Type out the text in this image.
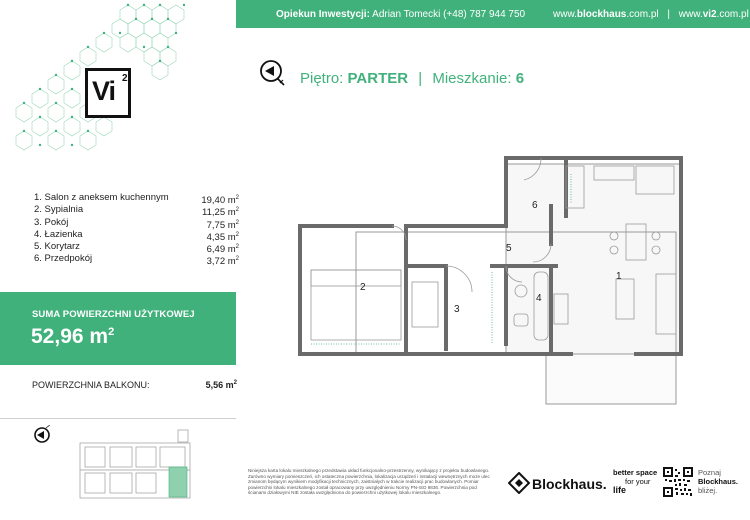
Opiekun Inwestycji: Adrian Tomecki (+48) 787 944 750	www.blockhaus.com.pl | www.vi2.com.pl
Vi 2
1. Salon z aneksem kuchennym	19,40 $m^2$
2. Sypialnia	11,25 $m^2$
3. Pokój	7,75 $m^2$
4. Łazienka	4,35 $m^2$
5. Korytarz	6,49 $m^2$
6. Przedpokój	3,72 $m^2$
SUMA POWIERZCHNI UŻYTKOWEJ
52,96 $m^2$
POWIERZCHNIA BALKONU:	5,56 $m^2$
Piętro: PARTER | Mieszkanie: 6
1
2
3
4
5
6
Niniejsza karta lokalu mieszkalnego przedstawia układ funkcjonalno-przestrzenny, wynikający z projektu budowlanego. Zarówno wymiary pomieszczeń, ich ostateczna powierzchnia, lokalizacja urządzeń i instalacji wewnętrznych może ulec zmianom będącym wynikiem modyfikacji technicznych, zaistniałych w trakcie realizacji prac budowlanych. Pomiar powierzchni lokalu mieszkalnego został opracowany przy uwzględnieniu Normy PN-ISO 9836. Powierzchnia pod ścianami działowymi NIE została uwzględniona do powierzchni użytkowej lokalu mieszkalnego.
Blockhaus.
better space
for your
life
Poznaj
Blockhaus.
bliżej.
